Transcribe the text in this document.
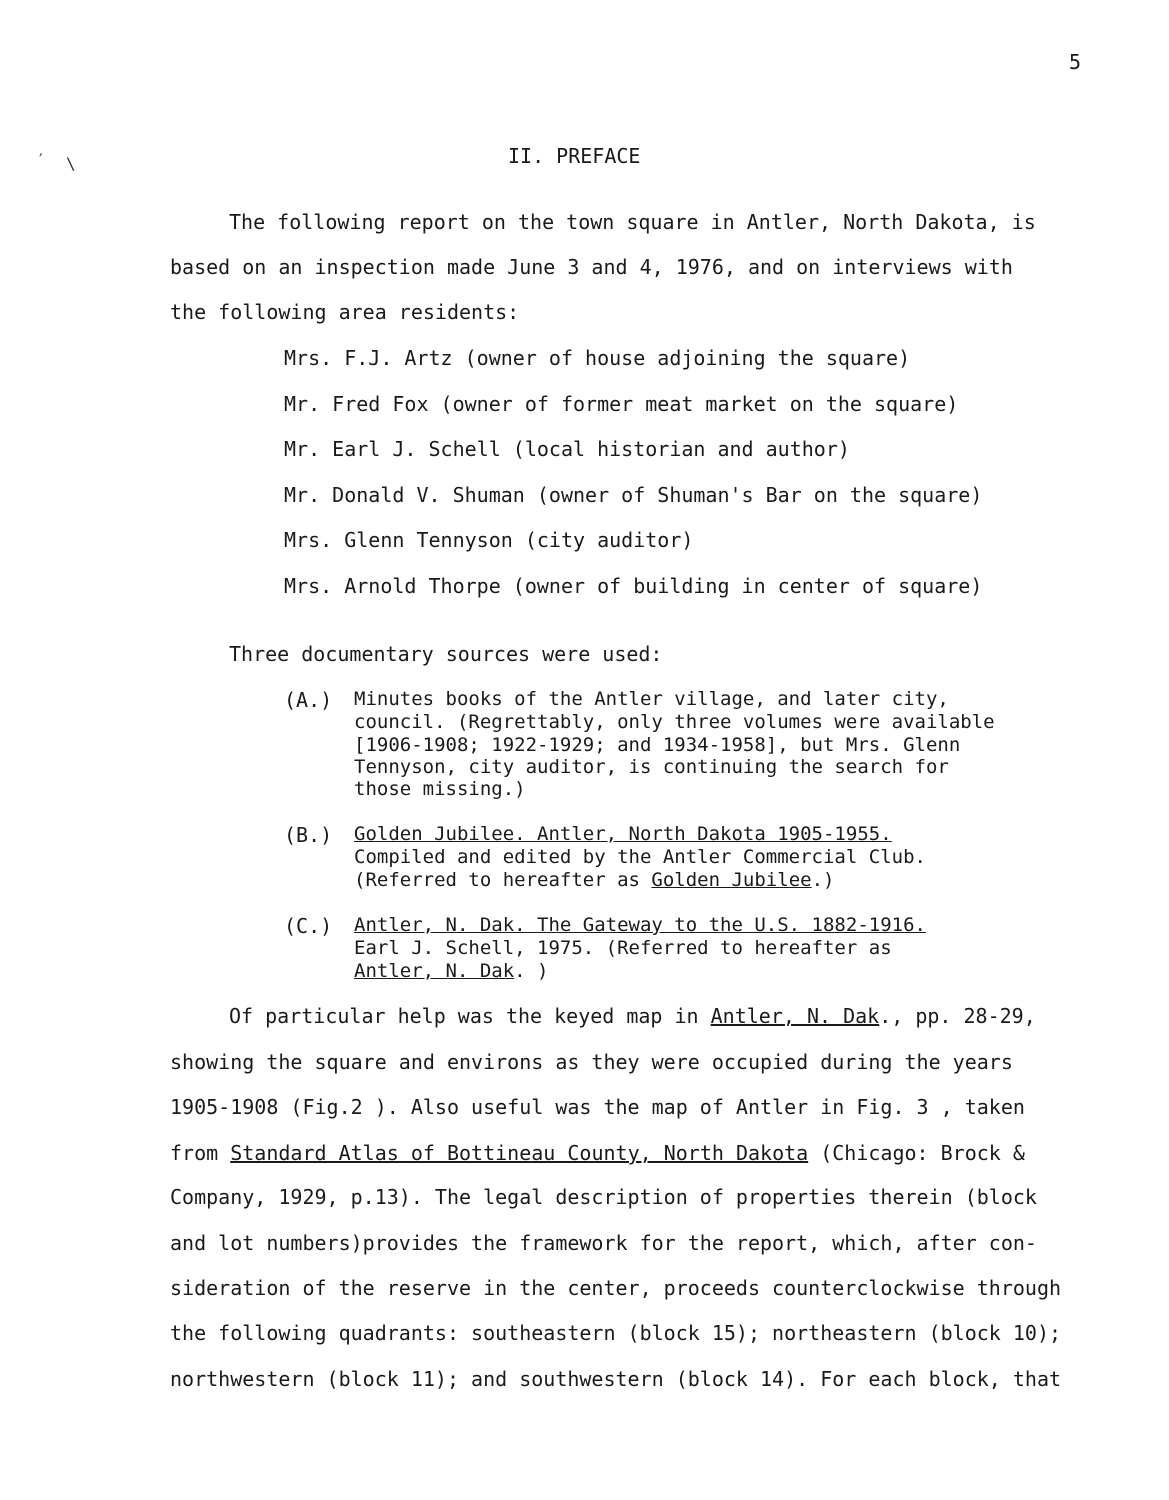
′ \
5
II. PREFACE
The following report on the town square in Antler, North Dakota, is
based on an inspection made June 3 and 4, 1976, and on interviews with
the following area residents:
Mrs. F.J. Artz (owner of house adjoining the square)
Mr. Fred Fox (owner of former meat market on the square)
Mr. Earl J. Schell (local historian and author)
Mr. Donald V. Shuman (owner of Shuman's Bar on the square)
Mrs. Glenn Tennyson (city auditor)
Mrs. Arnold Thorpe (owner of building in center of square)
Three documentary sources were used:
(A.) Minutes books of the Antler village, and later city,
council. (Regrettably, only three volumes were available
[1906-1908; 1922-1929; and 1934-1958], but Mrs. Glenn
Tennyson, city auditor, is continuing the search for
those missing.)
(B.) Golden Jubilee. Antler, North Dakota 1905-1955.
Compiled and edited by the Antler Commercial Club.
(Referred to hereafter as Golden Jubilee.)
(C.) Antler, N. Dak. The Gateway to the U.S. 1882-1916.
Earl J. Schell, 1975. (Referred to hereafter as
Antler, N. Dak. )
Of particular help was the keyed map in Antler, N. Dak., pp. 28-29,
showing the square and environs as they were occupied during the years
1905-1908 (Fig.2 ). Also useful was the map of Antler in Fig. 3 , taken
from Standard Atlas of Bottineau County, North Dakota (Chicago: Brock &
Company, 1929, p.13). The legal description of properties therein (block
and lot numbers)provides the framework for the report, which, after con-
sideration of the reserve in the center, proceeds counterclockwise through
the following quadrants: southeastern (block 15); northeastern (block 10);
northwestern (block 11); and southwestern (block 14). For each block, that
